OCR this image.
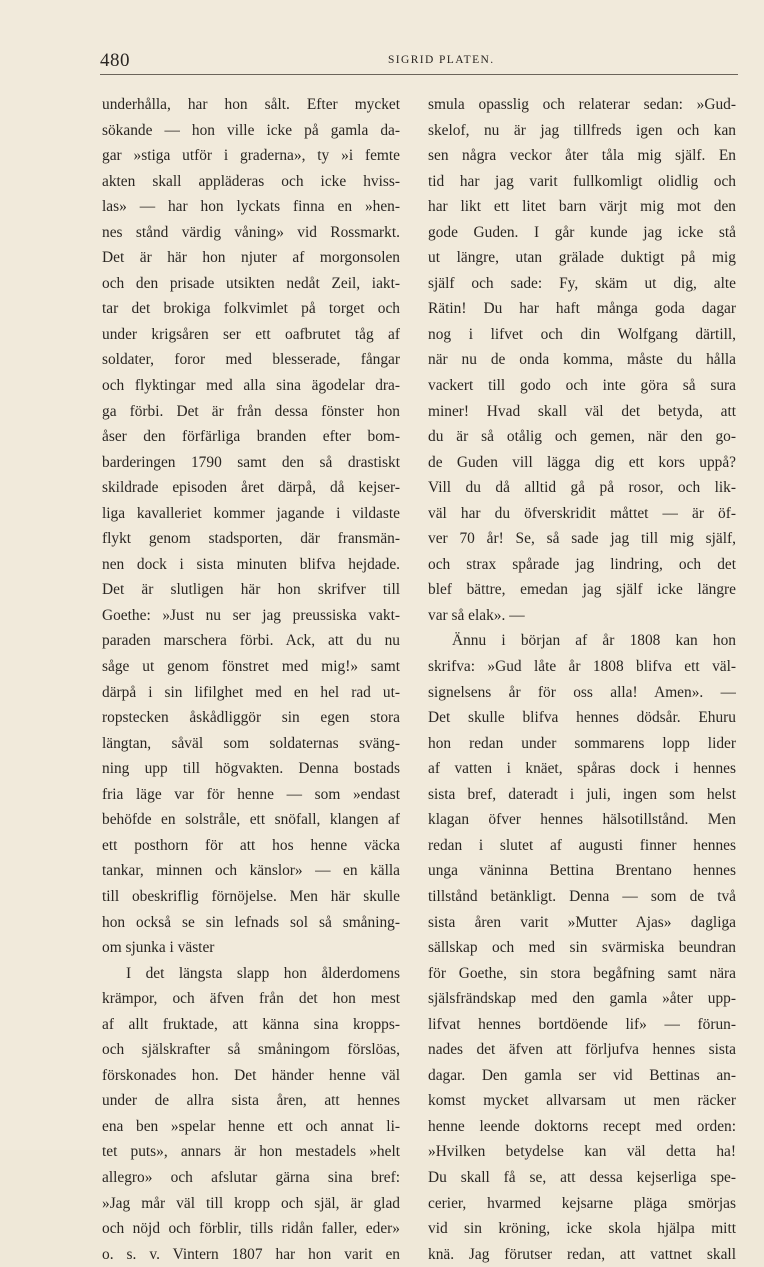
480	SIGRID PLATEN.
underhålla, har hon sålt. Efter mycket
sökande — hon ville icke på gamla da-
gar »stiga utför i graderna», ty »i femte
akten skall appläderas och icke hviss-
las» — har hon lyckats finna en »hen-
nes stånd värdig våning» vid Rossmarkt.
Det är här hon njuter af morgonsolen
och den prisade utsikten nedåt Zeil, iakt-
tar det brokiga folkvimlet på torget och
under krigsåren ser ett oafbrutet tåg af
soldater, foror med blesserade, fångar
och flyktingar med alla sina ägodelar dra-
ga förbi. Det är från dessa fönster hon
åser den förfärliga branden efter bom-
barderingen 1790 samt den så drastiskt
skildrade episoden året därpå, då kejser-
liga kavalleriet kommer jagande i vildaste
flykt genom stadsporten, där fransmän-
nen dock i sista minuten blifva hejdade.
Det är slutligen här hon skrifver till
Goethe: »Just nu ser jag preussiska vakt-
paraden marschera förbi. Ack, att du nu
såge ut genom fönstret med mig!» samt
därpå i sin lifilghet med en hel rad ut-
ropstecken åskådliggör sin egen stora
längtan, såväl som soldaternas sväng-
ning upp till högvakten. Denna bostads
fria läge var för henne — som »endast
behöfde en solstråle, ett snöfall, klangen af
ett posthorn för att hos henne väcka
tankar, minnen och känslor» — en källa
till obeskriflig förnöjelse. Men här skulle
hon också se sin lefnads sol så småning-
om sjunka i väster
I det längsta slapp hon ålderdomens
krämpor, och äfven från det hon mest
af allt fruktade, att känna sina kropps-
och själskrafter så småningom förslöas,
förskonades hon. Det händer henne väl
under de allra sista åren, att hennes
ena ben »spelar henne ett och annat li-
tet puts», annars är hon mestadels »helt
allegro» och afslutar gärna sina bref:
»Jag mår väl till kropp och själ, är glad
och nöjd och förblir, tills ridån faller, eder»
o. s. v. Vintern 1807 har hon varit en
smula opasslig och relaterar sedan: »Gud-
skelof, nu är jag tillfreds igen och kan
sen några veckor åter tåla mig själf. En
tid har jag varit fullkomligt olidlig och
har likt ett litet barn värjt mig mot den
gode Guden. I går kunde jag icke stå
ut längre, utan grälade duktigt på mig
själf och sade: Fy, skäm ut dig, alte
Rätin! Du har haft många goda dagar
nog i lifvet och din Wolfgang därtill,
när nu de onda komma, måste du hålla
vackert till godo och inte göra så sura
miner! Hvad skall väl det betyda, att
du är så otålig och gemen, när den go-
de Guden vill lägga dig ett kors uppå?
Vill du då alltid gå på rosor, och lik-
väl har du öfverskridit måttet — är öf-
ver 70 år! Se, så sade jag till mig själf,
och strax spårade jag lindring, och det
blef bättre, emedan jag själf icke längre
var så elak». —
Ännu i början af år 1808 kan hon
skrifva: »Gud låte år 1808 blifva ett väl-
signelsens år för oss alla! Amen». —
Det skulle blifva hennes dödsår. Ehuru
hon redan under sommarens lopp lider
af vatten i knäet, spåras dock i hennes
sista bref, dateradt i juli, ingen som helst
klagan öfver hennes hälsotillstånd. Men
redan i slutet af augusti finner hennes
unga väninna Bettina Brentano hennes
tillstånd betänkligt. Denna — som de två
sista åren varit »Mutter Ajas» dagliga
sällskap och med sin svärmiska beundran
för Goethe, sin stora begåfning samt nära
själsfrändskap med den gamla »åter upp-
lifvat hennes bortdöende lif» — förun-
nades det äfven att förljufva hennes sista
dagar. Den gamla ser vid Bettinas an-
komst mycket allvarsam ut men räcker
henne leende doktorns recept med orden:
»Hvilken betydelse kan väl detta ha!
Du skall få se, att dessa kejserliga spe-
cerier, hvarmed kejsarne pläga smörjas
vid sin kröning, icke skola hjälpa mitt
knä. Jag förutser redan, att vattnet skall
